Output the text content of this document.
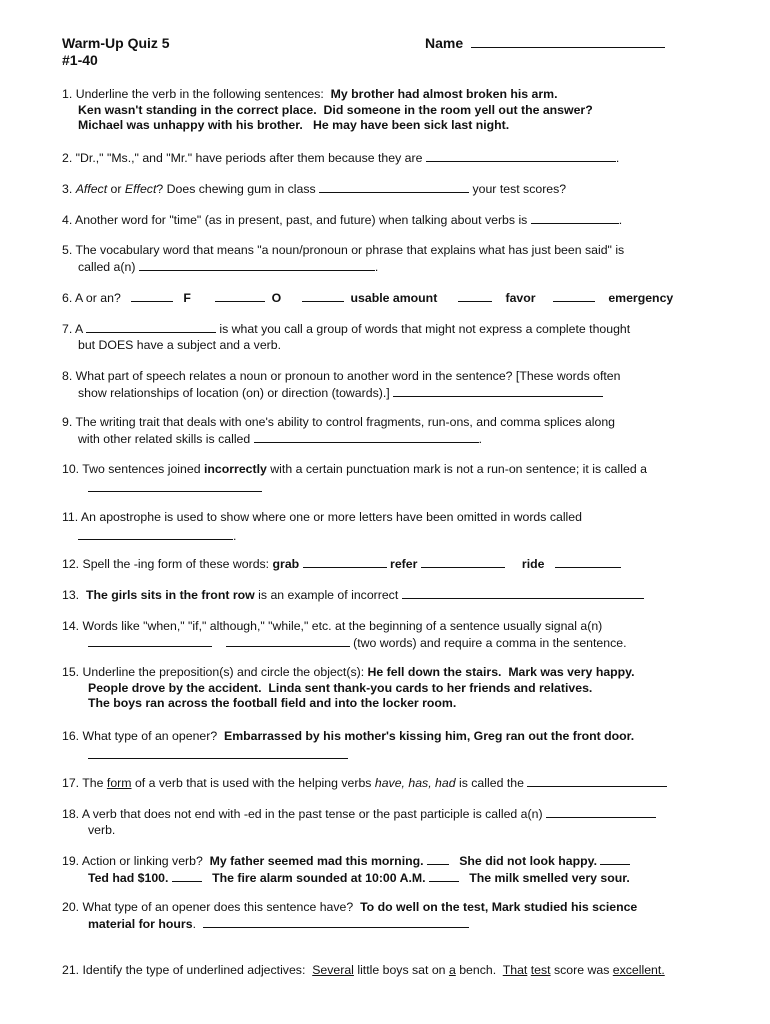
Warm-Up Quiz 5
#1-40
Name
1. Underline the verb in the following sentences: My brother had almost broken his arm.
Ken wasn't standing in the correct place. Did someone in the room yell out the answer?
Michael was unhappy with his brother. He may have been sick last night.
2. "Dr.," "Ms.," and "Mr." have periods after them because they are	.
3. Affect or Effect? Does chewing gum in class	your test scores?
4. Another word for "time" (as in present, past, and future) when talking about verbs is	.
5. The vocabulary word that means "a noun/pronoun or phrase that explains what has just been said" is
called a(n)	.
6. A or an?	F	O	usable amount	favor	emergency
7. A	is what you call a group of words that might not express a complete thought
but DOES have a subject and a verb.
8. What part of speech relates a noun or pronoun to another word in the sentence? [These words often
show relationships of location (on) or direction (towards).]
9. The writing trait that deals with one's ability to control fragments, run-ons, and comma splices along
with other related skills is called	.
10. Two sentences joined incorrectly with a certain punctuation mark is not a run-on sentence; it is called a
11. An apostrophe is used to show where one or more letters have been omitted in words called
.
12. Spell the -ing form of these words: grab	refer	ride
13. The girls sits in the front row is an example of incorrect
14. Words like "when," "if," although," "while," etc. at the beginning of a sentence usually signal a(n)
(two words) and require a comma in the sentence.
15. Underline the preposition(s) and circle the object(s): He fell down the stairs. Mark was very happy.
People drove by the accident. Linda sent thank-you cards to her friends and relatives.
The boys ran across the football field and into the locker room.
16. What type of an opener? Embarrassed by his mother's kissing him, Greg ran out the front door.
17. The form of a verb that is used with the helping verbs have, has, had is called the
18. A verb that does not end with -ed in the past tense or the past participle is called a(n)
verb.
19. Action or linking verb? My father seemed mad this morning.	She did not look happy.
Ted had $100.	The fire alarm sounded at 10:00 A.M.	The milk smelled very sour.
20. What type of an opener does this sentence have? To do well on the test, Mark studied his science
material for hours.
21. Identify the type of underlined adjectives: Several little boys sat on a bench.  That test score was excellent.
